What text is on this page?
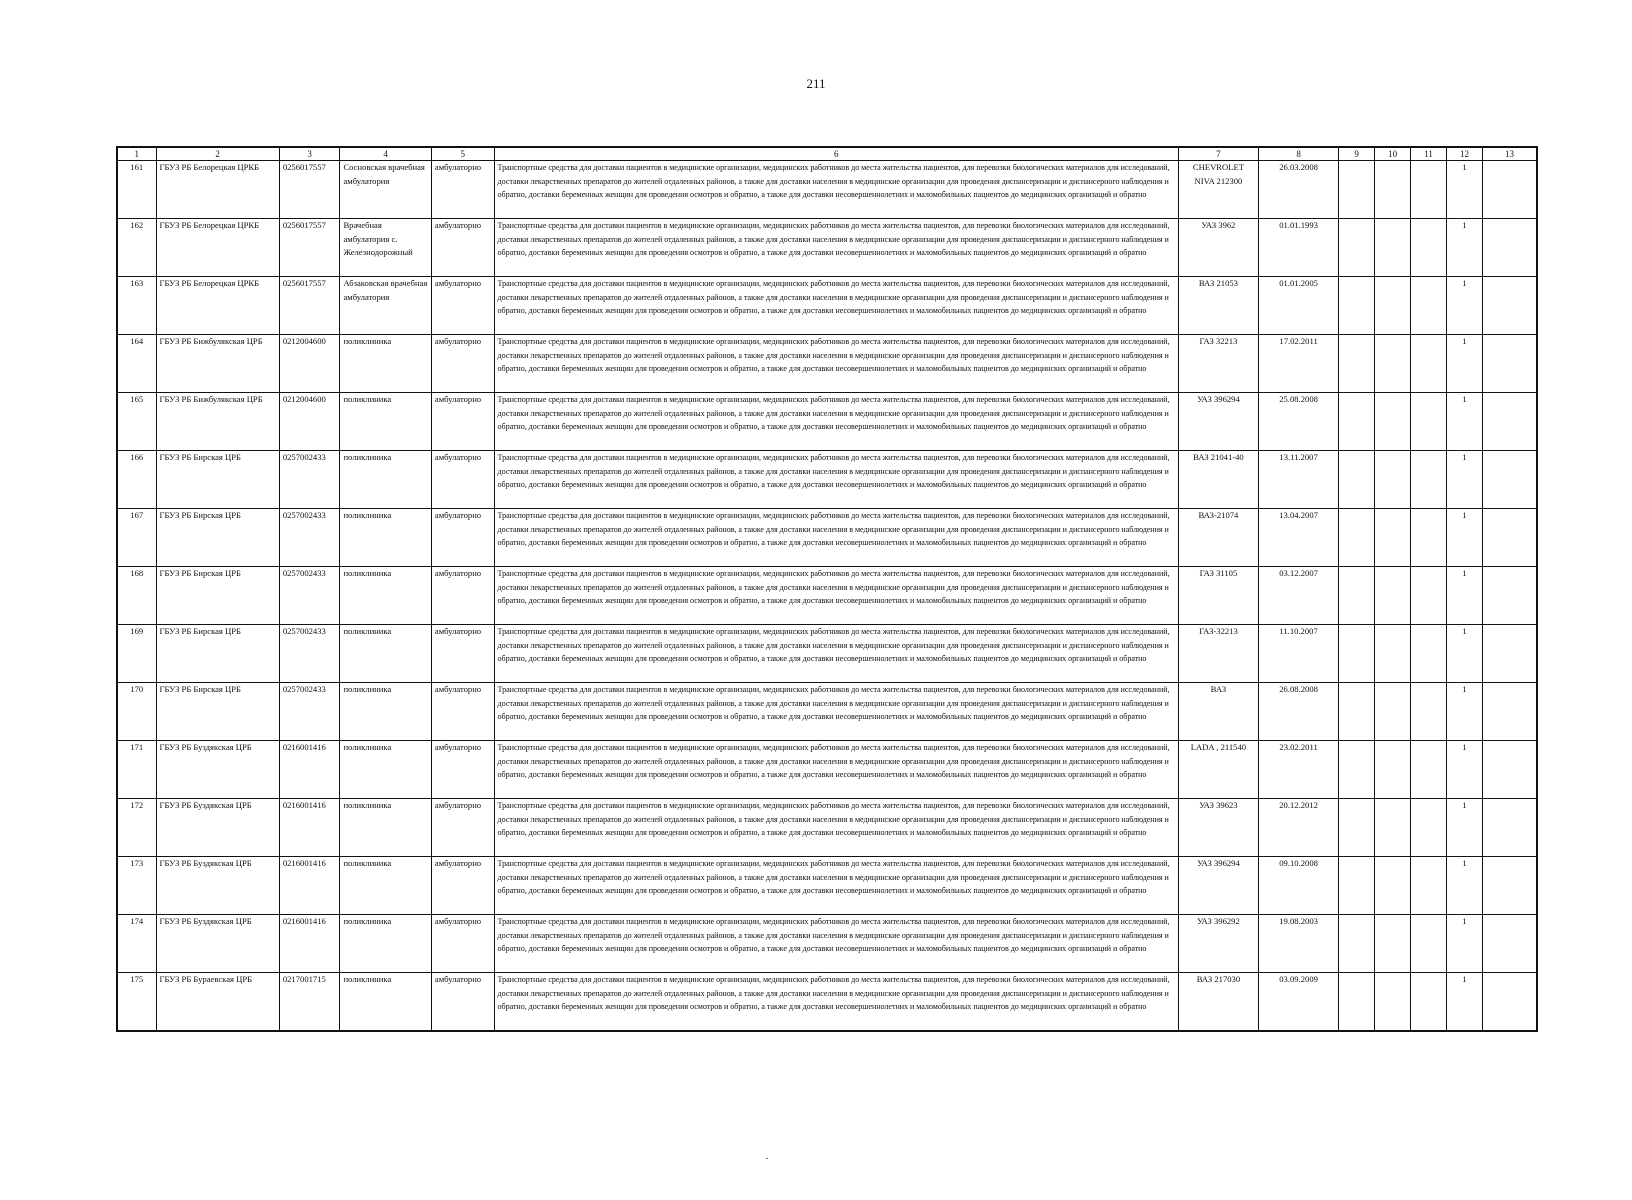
211
1	2	3	4	5	6	7	8	9	10	11	12	13
161	ГБУЗ РБ Белорецкая ЦРКБ	0256017557	Сосновская врачебная амбулатория	амбулаторно	Транспортные средства для доставки пациентов в медицинские организации, медицинских работников до места жительства пациентов, для перевозки биологических материалов для исследований, доставки лекарственных препаратов до жителей отдаленных районов, а также для доставки населения в медицинские организации для проведения диспансеризации и диспансерного наблюдения и обратно, доставки беременных женщин для проведения осмотров и обратно, а также для доставки несовершеннолетних и маломобильных пациентов до медицинских организаций и обратно	CHEVROLET NIVA 212300	26.03.2008				1	
162	ГБУЗ РБ Белорецкая ЦРКБ	0256017557	Врачебная амбулатория с. Железнодорожный	амбулаторно	Транспортные средства для доставки пациентов в медицинские организации, медицинских работников до места жительства пациентов, для перевозки биологических материалов для исследований, доставки лекарственных препаратов до жителей отдаленных районов, а также для доставки населения в медицинские организации для проведения диспансеризации и диспансерного наблюдения и обратно, доставки беременных женщин для проведения осмотров и обратно, а также для доставки несовершеннолетних и маломобильных пациентов до медицинских организаций и обратно	УАЗ 3962	01.01.1993				1	
163	ГБУЗ РБ Белорецкая ЦРКБ	0256017557	Абзаковская врачебная амбулатория	амбулаторно	Транспортные средства для доставки пациентов в медицинские организации, медицинских работников до места жительства пациентов, для перевозки биологических материалов для исследований, доставки лекарственных препаратов до жителей отдаленных районов, а также для доставки населения в медицинские организации для проведения диспансеризации и диспансерного наблюдения и обратно, доставки беременных женщин для проведения осмотров и обратно, а также для доставки несовершеннолетних и маломобильных пациентов до медицинских организаций и обратно	ВАЗ 21053	01.01.2005				1	
164	ГБУЗ РБ Бижбулякская ЦРБ	0212004600	поликлиника	амбулаторно	Транспортные средства для доставки пациентов в медицинские организации, медицинских работников до места жительства пациентов, для перевозки биологических материалов для исследований, доставки лекарственных препаратов до жителей отдаленных районов, а также для доставки населения в медицинские организации для проведения диспансеризации и диспансерного наблюдения и обратно, доставки беременных женщин для проведения осмотров и обратно, а также для доставки несовершеннолетних и маломобильных пациентов до медицинских организаций и обратно	ГАЗ 32213	17.02.2011				1	
165	ГБУЗ РБ Бижбулякская ЦРБ	0212004600	поликлиника	амбулаторно	Транспортные средства для доставки пациентов в медицинские организации, медицинских работников до места жительства пациентов, для перевозки биологических материалов для исследований, доставки лекарственных препаратов до жителей отдаленных районов, а также для доставки населения в медицинские организации для проведения диспансеризации и диспансерного наблюдения и обратно, доставки беременных женщин для проведения осмотров и обратно, а также для доставки несовершеннолетних и маломобильных пациентов до медицинских организаций и обратно	УАЗ 396294	25.08.2008				1	
166	ГБУЗ РБ Бирская ЦРБ	0257002433	поликлиника	амбулаторно	Транспортные средства для доставки пациентов в медицинские организации, медицинских работников до места жительства пациентов, для перевозки биологических материалов для исследований, доставки лекарственных препаратов до жителей отдаленных районов, а также для доставки населения в медицинские организации для проведения диспансеризации и диспансерного наблюдения и обратно, доставки беременных женщин для проведения осмотров и обратно, а также для доставки несовершеннолетних и маломобильных пациентов до медицинских организаций и обратно	ВАЗ 21041-40	13.11.2007				1	
167	ГБУЗ РБ Бирская ЦРБ	0257002433	поликлиника	амбулаторно	Транспортные средства для доставки пациентов в медицинские организации, медицинских работников до места жительства пациентов, для перевозки биологических материалов для исследований, доставки лекарственных препаратов до жителей отдаленных районов, а также для доставки населения в медицинские организации для проведения диспансеризации и диспансерного наблюдения и обратно, доставки беременных женщин для проведения осмотров и обратно, а также для доставки несовершеннолетних и маломобильных пациентов до медицинских организаций и обратно	ВАЗ-21074	13.04.2007				1	
168	ГБУЗ РБ Бирская ЦРБ	0257002433	поликлиника	амбулаторно	Транспортные средства для доставки пациентов в медицинские организации, медицинских работников до места жительства пациентов, для перевозки биологических материалов для исследований, доставки лекарственных препаратов до жителей отдаленных районов, а также для доставки населения в медицинские организации для проведения диспансеризации и диспансерного наблюдения и обратно, доставки беременных женщин для проведения осмотров и обратно, а также для доставки несовершеннолетних и маломобильных пациентов до медицинских организаций и обратно	ГАЗ 31105	03.12.2007				1	
169	ГБУЗ РБ Бирская ЦРБ	0257002433	поликлиника	амбулаторно	Транспортные средства для доставки пациентов в медицинские организации, медицинских работников до места жительства пациентов, для перевозки биологических материалов для исследований, доставки лекарственных препаратов до жителей отдаленных районов, а также для доставки населения в медицинские организации для проведения диспансеризации и диспансерного наблюдения и обратно, доставки беременных женщин для проведения осмотров и обратно, а также для доставки несовершеннолетних и маломобильных пациентов до медицинских организаций и обратно	ГАЗ-32213	11.10.2007				1	
170	ГБУЗ РБ Бирская ЦРБ	0257002433	поликлиника	амбулаторно	Транспортные средства для доставки пациентов в медицинские организации, медицинских работников до места жительства пациентов, для перевозки биологических материалов для исследований, доставки лекарственных препаратов до жителей отдаленных районов, а также для доставки населения в медицинские организации для проведения диспансеризации и диспансерного наблюдения и обратно, доставки беременных женщин для проведения осмотров и обратно, а также для доставки несовершеннолетних и маломобильных пациентов до медицинских организаций и обратно	ВАЗ	26.08.2008				1	
171	ГБУЗ РБ Буздякская ЦРБ	0216001416	поликлиника	амбулаторно	Транспортные средства для доставки пациентов в медицинские организации, медицинских работников до места жительства пациентов, для перевозки биологических материалов для исследований, доставки лекарственных препаратов до жителей отдаленных районов, а также для доставки населения в медицинские организации для проведения диспансеризации и диспансерного наблюдения и обратно, доставки беременных женщин для проведения осмотров и обратно, а также для доставки несовершеннолетних и маломобильных пациентов до медицинских организаций и обратно	LADA , 211540	23.02.2011				1	
172	ГБУЗ РБ Буздякская ЦРБ	0216001416	поликлиника	амбулаторно	Транспортные средства для доставки пациентов в медицинские организации, медицинских работников до места жительства пациентов, для перевозки биологических материалов для исследований, доставки лекарственных препаратов до жителей отдаленных районов, а также для доставки населения в медицинские организации для проведения диспансеризации и диспансерного наблюдения и обратно, доставки беременных женщин для проведения осмотров и обратно, а также для доставки несовершеннолетних и маломобильных пациентов до медицинских организаций и обратно	УАЗ 39623	20.12.2012				1	
173	ГБУЗ РБ Буздякская ЦРБ	0216001416	поликлиника	амбулаторно	Транспортные средства для доставки пациентов в медицинские организации, медицинских работников до места жительства пациентов, для перевозки биологических материалов для исследований, доставки лекарственных препаратов до жителей отдаленных районов, а также для доставки населения в медицинские организации для проведения диспансеризации и диспансерного наблюдения и обратно, доставки беременных женщин для проведения осмотров и обратно, а также для доставки несовершеннолетних и маломобильных пациентов до медицинских организаций и обратно	УАЗ 396294	09.10.2008				1	
174	ГБУЗ РБ Буздякская ЦРБ	0216001416	поликлиника	амбулаторно	Транспортные средства для доставки пациентов в медицинские организации, медицинских работников до места жительства пациентов, для перевозки биологических материалов для исследований, доставки лекарственных препаратов до жителей отдаленных районов, а также для доставки населения в медицинские организации для проведения диспансеризации и диспансерного наблюдения и обратно, доставки беременных женщин для проведения осмотров и обратно, а также для доставки несовершеннолетних и маломобильных пациентов до медицинских организаций и обратно	УАЗ 396292	19.08.2003				1	
175	ГБУЗ РБ Бураевская ЦРБ	0217001715	поликлиника	амбулаторно	Транспортные средства для доставки пациентов в медицинские организации, медицинских работников до места жительства пациентов, для перевозки биологических материалов для исследований, доставки лекарственных препаратов до жителей отдаленных районов, а также для доставки населения в медицинские организации для проведения диспансеризации и диспансерного наблюдения и обратно, доставки беременных женщин для проведения осмотров и обратно, а также для доставки несовершеннолетних и маломобильных пациентов до медицинских организаций и обратно	ВАЗ 217030	03.09.2009				1	
